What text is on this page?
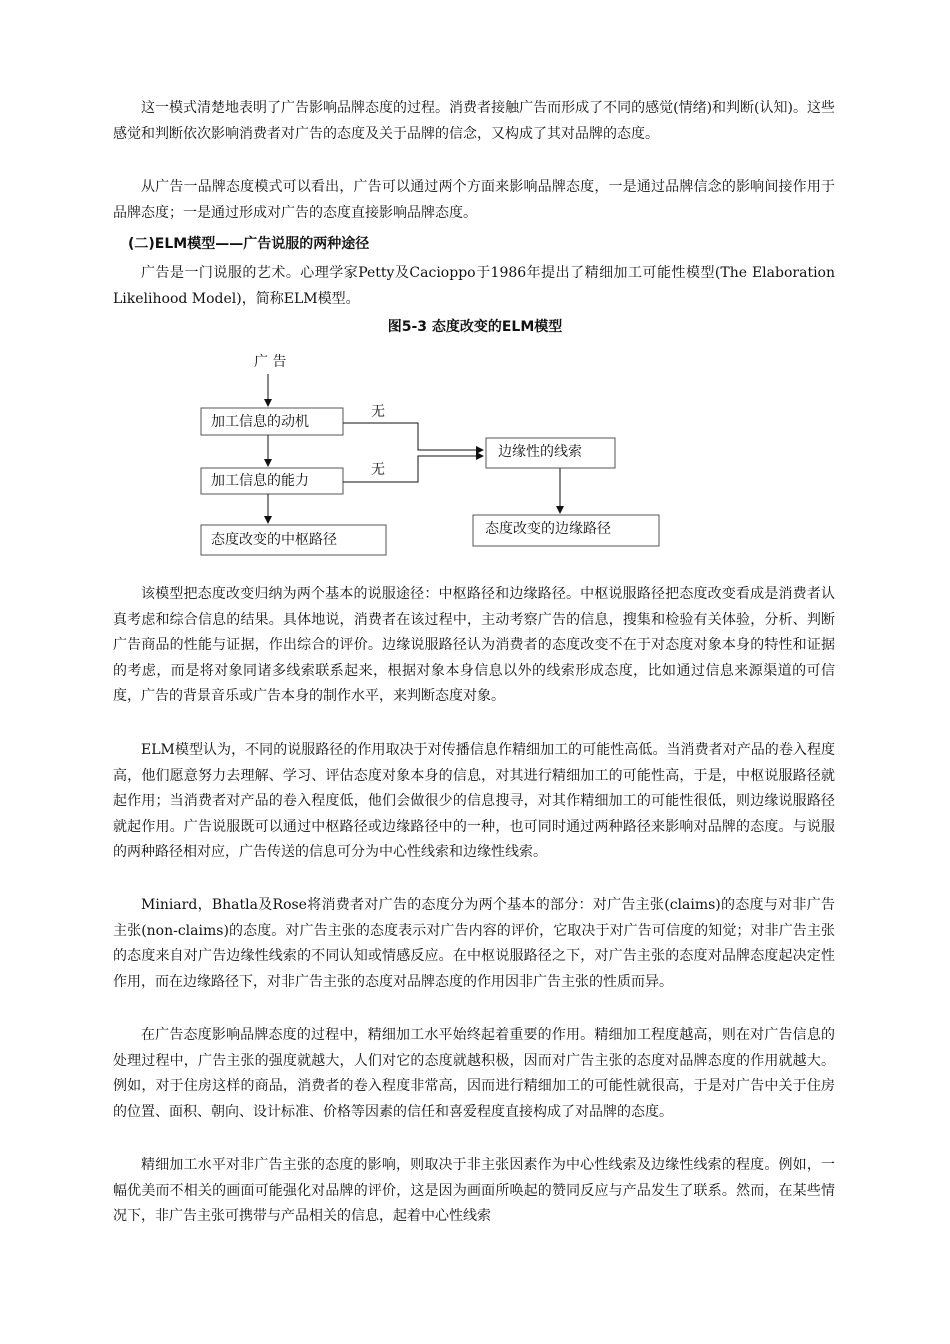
这一模式清楚地表明了广告影响品牌态度的过程。消费者接触广告而形成了不同的感觉(情绪)和判断(认知)。这些感觉和判断依次影响消费者对广告的态度及关于品牌的信念，又构成了其对品牌的态度。

从广告一品牌态度模式可以看出，广告可以通过两个方面来影响品牌态度，一是通过品牌信念的影响间接作用于品牌态度；一是通过形成对广告的态度直接影响品牌态度。

(二)ELM模型——广告说服的两种途径

广告是一门说服的艺术。心理学家Petty及Cacioppo于1986年提出了精细加工可能性模型(The Elaboration Likelihood Model)，简称ELM模型。

图5-3 态度改变的ELM模型
广 告
加工信息的动机
加工信息的能力
态度改变的中枢路径
无
无
边缘性的线索
态度改变的边缘路径

该模型把态度改变归纳为两个基本的说服途径：中枢路径和边缘路径。中枢说服路径把态度改变看成是消费者认真考虑和综合信息的结果。具体地说，消费者在该过程中，主动考察广告的信息，搜集和检验有关体验，分析、判断广告商品的性能与证据，作出综合的评价。边缘说服路径认为消费者的态度改变不在于对态度对象本身的特性和证据的考虑，而是将对象同诸多线索联系起来，根据对象本身信息以外的线索形成态度，比如通过信息来源渠道的可信度，广告的背景音乐或广告本身的制作水平，来判断态度对象。

ELM模型认为，不同的说服路径的作用取决于对传播信息作精细加工的可能性高低。当消费者对产品的卷入程度高，他们愿意努力去理解、学习、评估态度对象本身的信息，对其进行精细加工的可能性高，于是，中枢说服路径就起作用；当消费者对产品的卷入程度低，他们会做很少的信息搜寻，对其作精细加工的可能性很低，则边缘说服路径就起作用。广告说服既可以通过中枢路径或边缘路径中的一种，也可同时通过两种路径来影响对品牌的态度。与说服的两种路径相对应，广告传送的信息可分为中心性线索和边缘性线索。

Miniard，Bhatla及Rose将消费者对广告的态度分为两个基本的部分：对广告主张(claims)的态度与对非广告主张(non-claims)的态度。对广告主张的态度表示对广告内容的评价，它取决于对广告可信度的知觉；对非广告主张的态度来自对广告边缘性线索的不同认知或情感反应。在中枢说服路径之下，对广告主张的态度对品牌态度起决定性作用，而在边缘路径下，对非广告主张的态度对品牌态度的作用因非广告主张的性质而异。

在广告态度影响品牌态度的过程中，精细加工水平始终起着重要的作用。精细加工程度越高，则在对广告信息的处理过程中，广告主张的强度就越大，人们对它的态度就越积极，因而对广告主张的态度对品牌态度的作用就越大。例如，对于住房这样的商品，消费者的卷入程度非常高，因而进行精细加工的可能性就很高，于是对广告中关于住房的位置、面积、朝向、设计标准、价格等因素的信任和喜爱程度直接构成了对品牌的态度。

精细加工水平对非广告主张的态度的影响，则取决于非主张因素作为中心性线索及边缘性线索的程度。例如，一幅优美而不相关的画面可能强化对品牌的评价，这是因为画面所唤起的赞同反应与产品发生了联系。然而，在某些情况下，非广告主张可携带与产品相关的信息，起着中心性线索
